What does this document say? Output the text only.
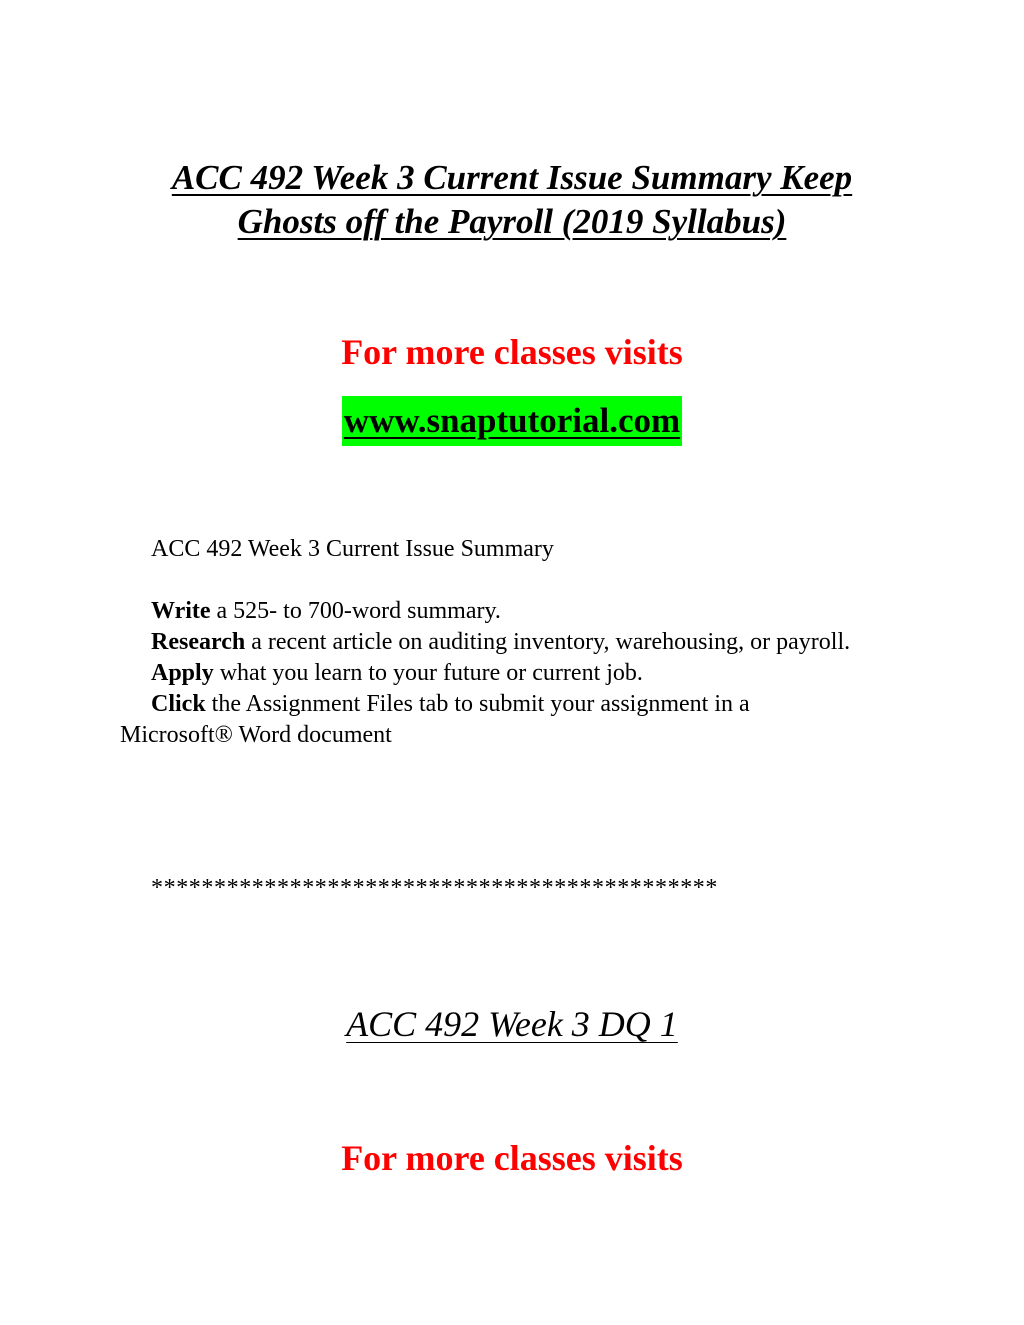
ACC 492 Week 3 Current Issue Summary Keep Ghosts off the Payroll (2019 Syllabus)

For more classes visits

www.snaptutorial.com

ACC 492 Week 3 Current Issue Summary

Write a 525- to 700-word summary.

Research a recent article on auditing inventory, warehousing, or payroll.

Apply what you learn to your future or current job.

Click the Assignment Files tab to submit your assignment in a Microsoft® Word document

*********************************************
ACC 492 Week 3 DQ 1

For more classes visits
